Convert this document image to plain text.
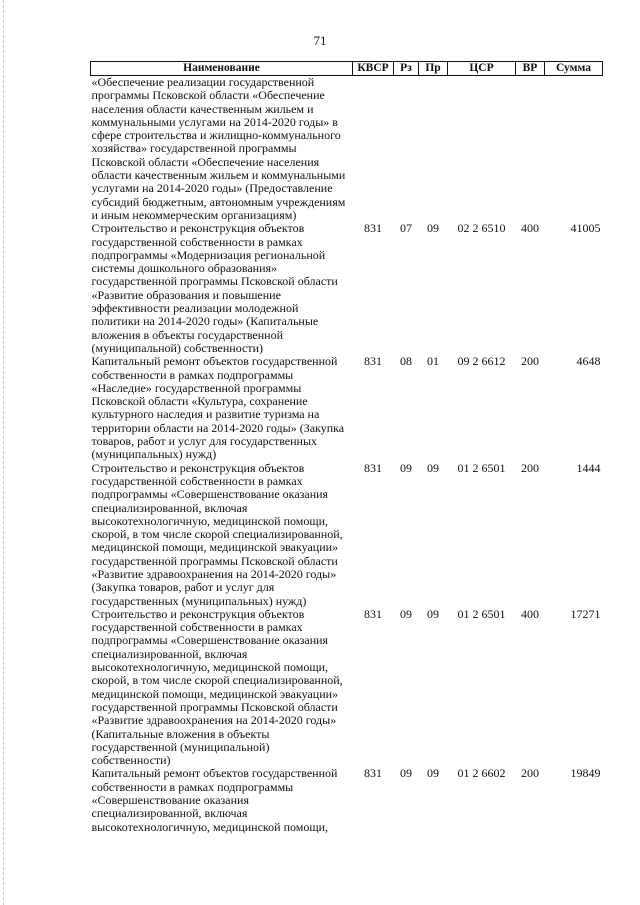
71
Наименование	КВСР	Рз	Пр	ЦСР	ВР	Сумма
«Обеспечение реализации государственной программы Псковской области «Обеспечение населения области качественным жильем и коммунальными услугами на 2014-2020 годы» в сфере строительства и жилищно-коммунального хозяйства» государственной программы Псковской области «Обеспечение населения области качественным жильем и коммунальными услугами на 2014-2020 годы» (Предоставление субсидий бюджетным, автономным учреждениям и иным некоммерческим организациям)						
Строительство и реконструкция объектов государственной собственности в рамках подпрограммы «Модернизация региональной системы дошкольного образования» государственной программы Псковской области «Развитие образования и повышение эффективности реализации молодежной политики на 2014-2020 годы» (Капитальные вложения в объекты государственной (муниципальной) собственности)	831	07	09	02 2 6510	400	41005
Капитальный ремонт объектов государственной собственности в рамках подпрограммы «Наследие» государственной программы Псковской области «Культура, сохранение культурного наследия и развитие туризма на территории области на 2014-2020 годы» (Закупка товаров, работ и услуг для государственных (муниципальных) нужд)	831	08	01	09 2 6612	200	4648
Строительство и реконструкция объектов государственной собственности в рамках подпрограммы «Совершенствование оказания специализированной, включая высокотехнологичную, медицинской помощи, скорой, в том числе скорой специализированной, медицинской помощи, медицинской эвакуации» государственной программы Псковской области «Развитие здравоохранения на 2014-2020 годы» (Закупка товаров, работ и услуг для государственных (муниципальных) нужд)	831	09	09	01 2 6501	200	1444
Строительство и реконструкция объектов государственной собственности в рамках подпрограммы «Совершенствование оказания специализированной, включая высокотехнологичную, медицинской помощи, скорой, в том числе скорой специализированной, медицинской помощи, медицинской эвакуации» государственной программы Псковской области «Развитие здравоохранения на 2014-2020 годы» (Капитальные вложения в объекты государственной (муниципальной) собственности)	831	09	09	01 2 6501	400	17271
Капитальный ремонт объектов государственной собственности в рамках подпрограммы «Совершенствование оказания специализированной, включая высокотехнологичную, медицинской помощи,	831	09	09	01 2 6602	200	19849
